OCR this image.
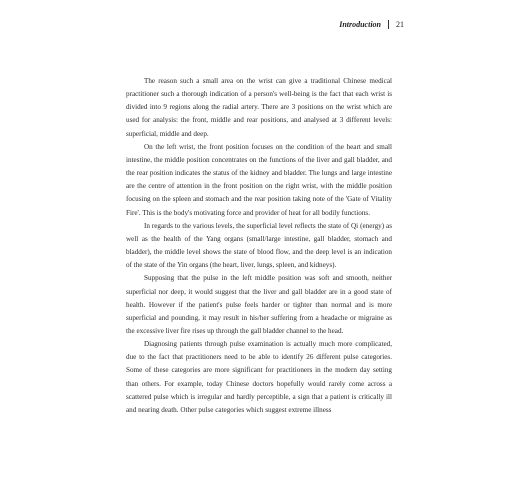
Introduction 21

The reason such a small area on the wrist can give a traditional Chinese medical practitioner such a thorough indication of a person's well-being is the fact that each wrist is divided into 9 regions along the radial artery. There are 3 positions on the wrist which are used for analysis: the front, middle and rear positions, and analysed at 3 different levels: superficial, middle and deep.

On the left wrist, the front position focuses on the condition of the heart and small intestine, the middle position concentrates on the functions of the liver and gall bladder, and the rear position indicates the status of the kidney and bladder. The lungs and large intestine are the centre of attention in the front position on the right wrist, with the middle position focusing on the spleen and stomach and the rear position taking note of the 'Gate of Vitality Fire'. This is the body's motivating force and provider of heat for all bodily functions.

In regards to the various levels, the superficial level reflects the state of Qi (energy) as well as the health of the Yang organs (small/large intestine, gall bladder, stomach and bladder), the middle level shows the state of blood flow, and the deep level is an indication of the state of the Yin organs (the heart, liver, lungs, spleen, and kidneys).

Supposing that the pulse in the left middle position was soft and smooth, neither superficial nor deep, it would suggest that the liver and gall bladder are in a good state of health. However if the patient's pulse feels harder or tighter than normal and is more superficial and pounding, it may result in his/her suffering from a headache or migraine as the excessive liver fire rises up through the gall bladder channel to the head.

Diagnosing patients through pulse examination is actually much more complicated, due to the fact that practitioners need to be able to identify 26 different pulse categories. Some of these categories are more significant for practitioners in the modern day setting than others. For example, today Chinese doctors hopefully would rarely come across a scattered pulse which is irregular and hardly perceptible, a sign that a patient is critically ill and nearing death. Other pulse categories which suggest extreme illness
